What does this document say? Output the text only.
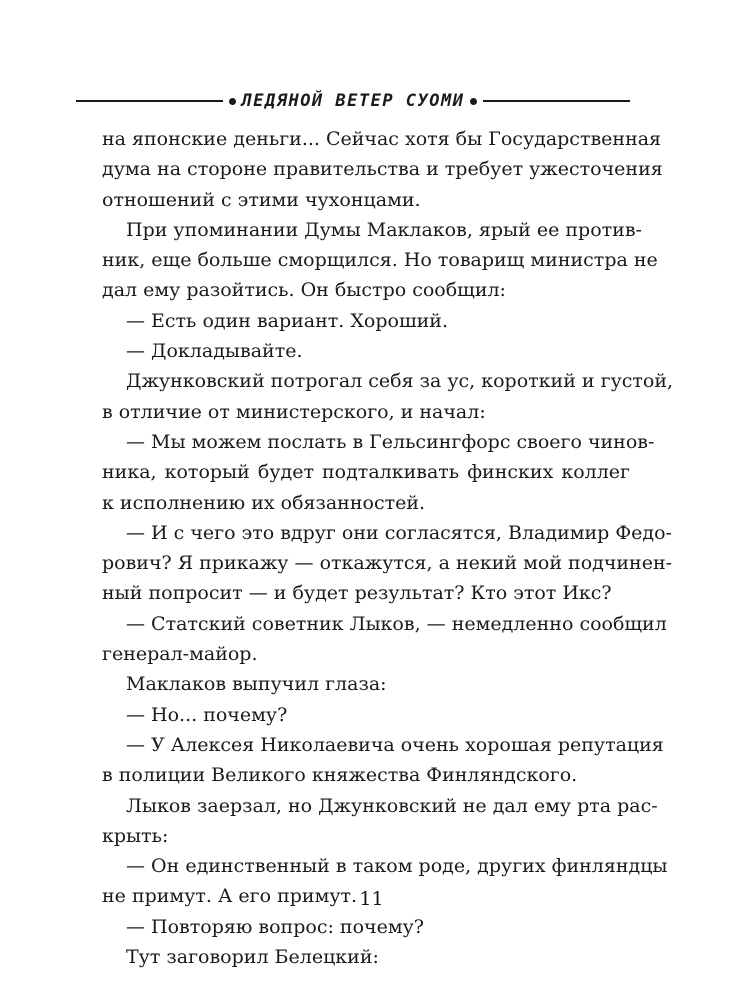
ЛЕДЯНОЙ ВЕТЕР СУОМИ
на японские деньги... Сейчас хотя бы Государственная
дума на стороне правительства и требует ужесточения
отношений с этими чухонцами.
При упоминании Думы Маклаков, ярый ее против-
ник, еще больше сморщился. Но товарищ министра не
дал ему разойтись. Он быстро сообщил:
— Есть один вариант. Хороший.
— Докладывайте.
Джунковский потрогал себя за ус, короткий и густой,
в отличие от министерского, и начал:
— Мы можем послать в Гельсингфорс своего чинов-
ника, который будет подталкивать финских коллег
к исполнению их обязанностей.
— И с чего это вдруг они согласятся, Владимир Федо-
рович? Я прикажу — откажутся, а некий мой подчинен-
ный попросит — и будет результат? Кто этот Икс?
— Статский советник Лыков, — немедленно сообщил
генерал-майор.
Маклаков выпучил глаза:
— Но... почему?
— У Алексея Николаевича очень хорошая репутация
в полиции Великого княжества Финляндского.
Лыков заерзал, но Джунковский не дал ему рта рас-
крыть:
— Он единственный в таком роде, других финляндцы
не примут. А его примут.
— Повторяю вопрос: почему?
Тут заговорил Белецкий:
11
